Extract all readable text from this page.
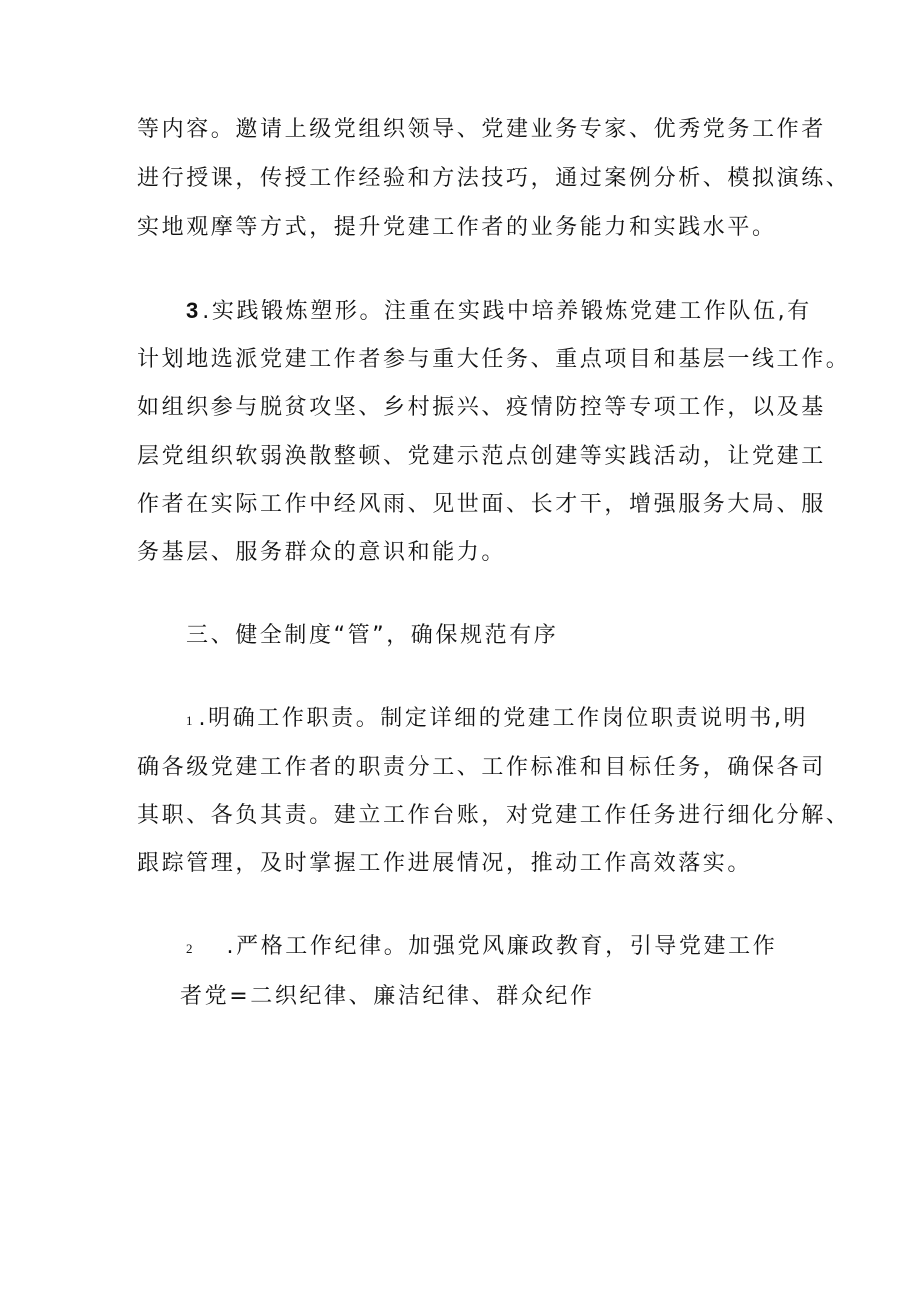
等内容。邀请上级党组织领导、党建业务专家、优秀党务工作者
进行授课，传授工作经验和方法技巧，通过案例分析、模拟演练、
实地观摩等方式，提升党建工作者的业务能力和实践水平。
3 .实践锻炼塑形。注重在实践中培养锻炼党建工作队伍,有
计划地选派党建工作者参与重大任务、重点项目和基层一线工作。
如组织参与脱贫攻坚、乡村振兴、疫情防控等专项工作，以及基
层党组织软弱涣散整顿、党建示范点创建等实践活动，让党建工
作者在实际工作中经风雨、见世面、长才干，增强服务大局、服
务基层、服务群众的意识和能力。
三、健全制度“管”，确保规范有序
1 .明确工作职责。制定详细的党建工作岗位职责说明书,明
确各级党建工作者的职责分工、工作标准和目标任务，确保各司
其职、各负其责。建立工作台账，对党建工作任务进行细化分解、
跟踪管理，及时掌握工作进展情况，推动工作高效落实。
2 .严格工作纪律。加强党风廉政教育，引导党建工作
者党=二织纪律、廉洁纪律、群众纪作
